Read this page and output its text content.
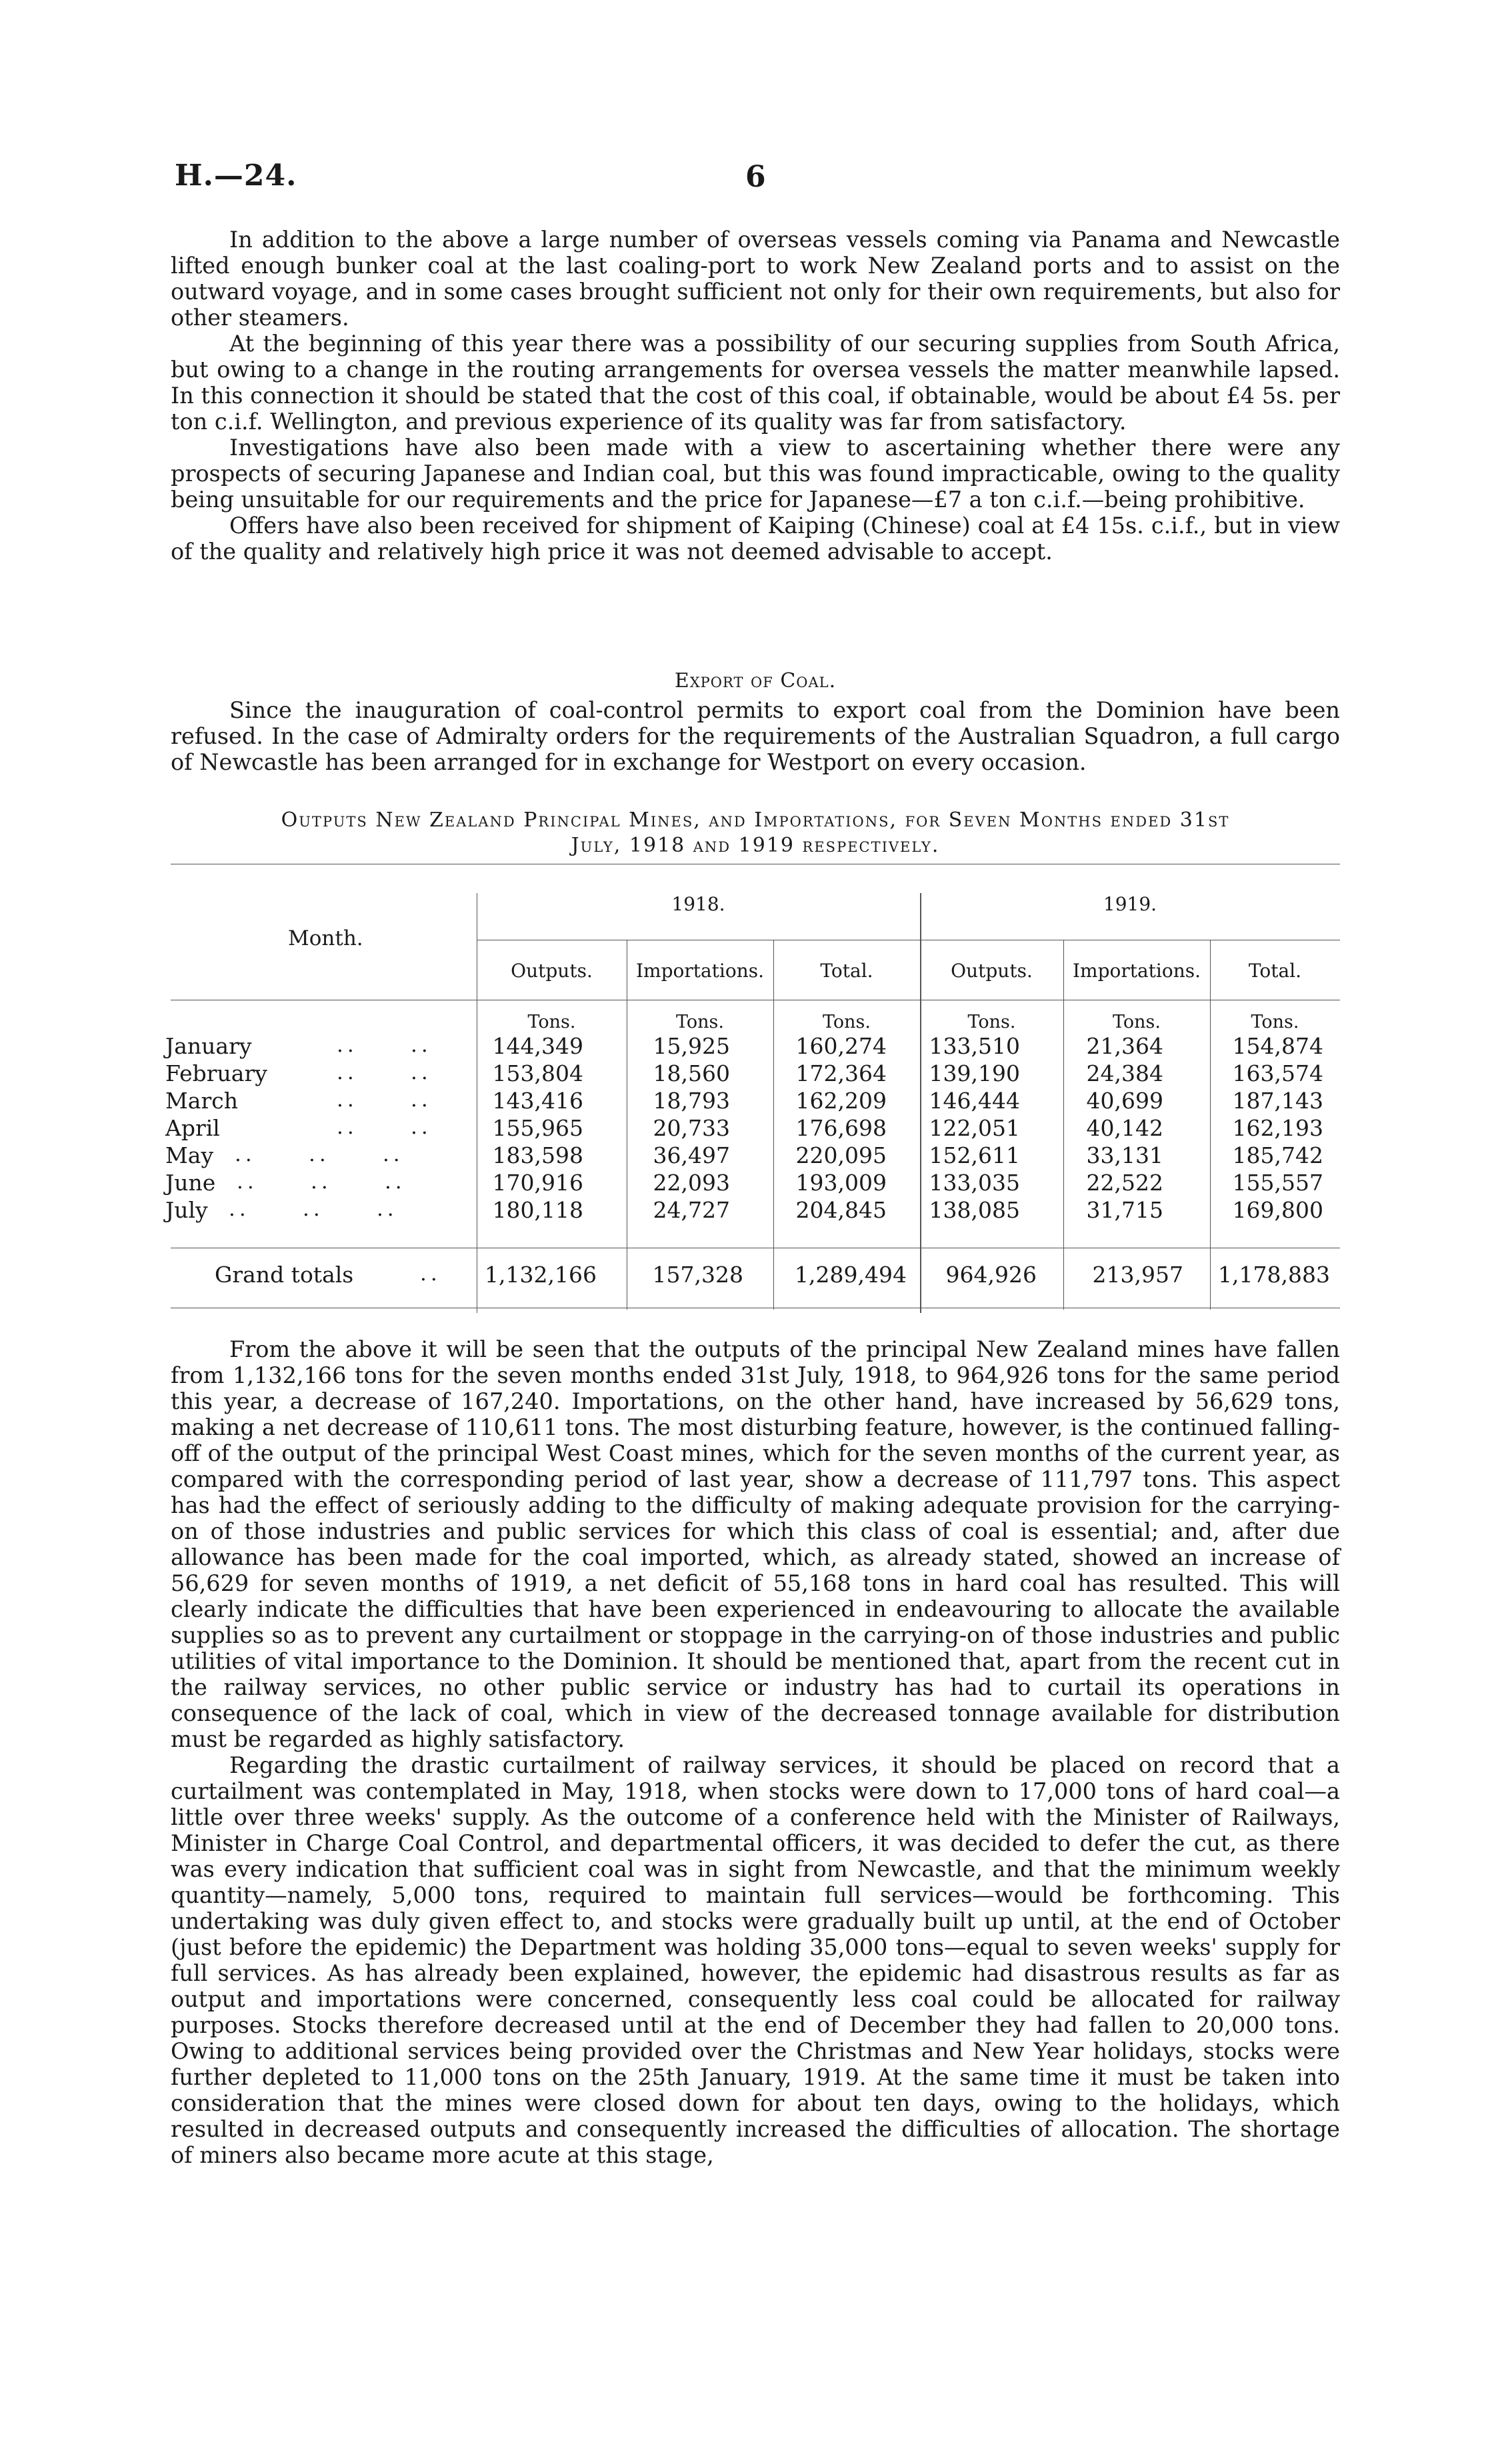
H.—24.	6

In addition to the above a large number of overseas vessels coming via Panama and Newcastle lifted enough bunker coal at the last coaling-port to work New Zealand ports and to assist on the outward voyage, and in some cases brought sufficient not only for their own requirements, but also for other steamers.

At the beginning of this year there was a possibility of our securing supplies from South Africa, but owing to a change in the routing arrangements for oversea vessels the matter meanwhile lapsed. In this connection it should be stated that the cost of this coal, if obtainable, would be about £4 5s. per ton c.i.f. Wellington, and previous experience of its quality was far from satisfactory.

Investigations have also been made with a view to ascertaining whether there were any prospects of securing Japanese and Indian coal, but this was found impracticable, owing to the quality being unsuitable for our requirements and the price for Japanese—£7 a ton c.i.f.—being prohibitive.

Offers have also been received for shipment of Kaiping (Chinese) coal at £4 15s. c.i.f., but in view of the quality and relatively high price it was not deemed advisable to accept.

Export of Coal.

Since the inauguration of coal-control permits to export coal from the Dominion have been refused. In the case of Admiralty orders for the requirements of the Australian Squadron, a full cargo of Newcastle has been arranged for in exchange for Westport on every occasion.

Outputs New Zealand Principal Mines, and Importations, for Seven Months ended 31st
July, 1918 and 1919 respectively.
Month.
1918.	1919.
Outputs.	Importations.	Total.	Outputs.	Importations.	Total.
Tons.	Tons.	Tons.	Tons.	Tons.	Tons.
January	..     ..	144,349	15,925	160,274	133,510	21,364	154,874
February	..     ..	153,804	18,560	172,364	139,190	24,384	163,574
March	..     ..	143,416	18,793	162,209	146,444	40,699	187,143
April	..     ..	155,965	20,733	176,698	122,051	40,142	162,193
May ..     ..     ..	183,598	36,497	220,095	152,611	33,131	185,742
June ..     ..     ..	170,916	22,093	193,009	133,035	22,522	155,557
July ..     ..     ..	180,118	24,727	204,845	138,085	31,715	169,800
Grand totals	..	1,132,166	157,328	1,289,494	964,926	213,957	1,178,883

From the above it will be seen that the outputs of the principal New Zealand mines have fallen from 1,132,166 tons for the seven months ended 31st July, 1918, to 964,926 tons for the same period this year, a decrease of 167,240. Importations, on the other hand, have increased by 56,629 tons, making a net decrease of 110,611 tons. The most disturbing feature, however, is the continued falling-off of the output of the principal West Coast mines, which for the seven months of the current year, as compared with the corresponding period of last year, show a decrease of 111,797 tons. This aspect has had the effect of seriously adding to the difficulty of making adequate provision for the carrying-on of those industries and public services for which this class of coal is essential; and, after due allowance has been made for the coal imported, which, as already stated, showed an increase of 56,629 for seven months of 1919, a net deficit of 55,168 tons in hard coal has resulted. This will clearly indicate the difficulties that have been experienced in endeavouring to allocate the available supplies so as to prevent any curtailment or stoppage in the carrying-on of those industries and public utilities of vital importance to the Dominion. It should be mentioned that, apart from the recent cut in the railway services, no other public service or industry has had to curtail its operations in consequence of the lack of coal, which in view of the decreased tonnage available for distribution must be regarded as highly satisfactory.

Regarding the drastic curtailment of railway services, it should be placed on record that a curtailment was contemplated in May, 1918, when stocks were down to 17,000 tons of hard coal—a little over three weeks' supply. As the outcome of a conference held with the Minister of Railways, Minister in Charge Coal Control, and departmental officers, it was decided to defer the cut, as there was every indication that sufficient coal was in sight from Newcastle, and that the minimum weekly quantity—namely, 5,000 tons, required to maintain full services—would be forthcoming. This undertaking was duly given effect to, and stocks were gradually built up until, at the end of October (just before the epidemic) the Department was holding 35,000 tons—equal to seven weeks' supply for full services. As has already been explained, however, the epidemic had disastrous results as far as output and importations were concerned, consequently less coal could be allocated for railway purposes. Stocks therefore decreased until at the end of December they had fallen to 20,000 tons. Owing to additional services being provided over the Christmas and New Year holidays, stocks were further depleted to 11,000 tons on the 25th January, 1919. At the same time it must be taken into consideration that the mines were closed down for about ten days, owing to the holidays, which resulted in decreased outputs and consequently increased the difficulties of allocation. The shortage of miners also became more acute at this stage,
